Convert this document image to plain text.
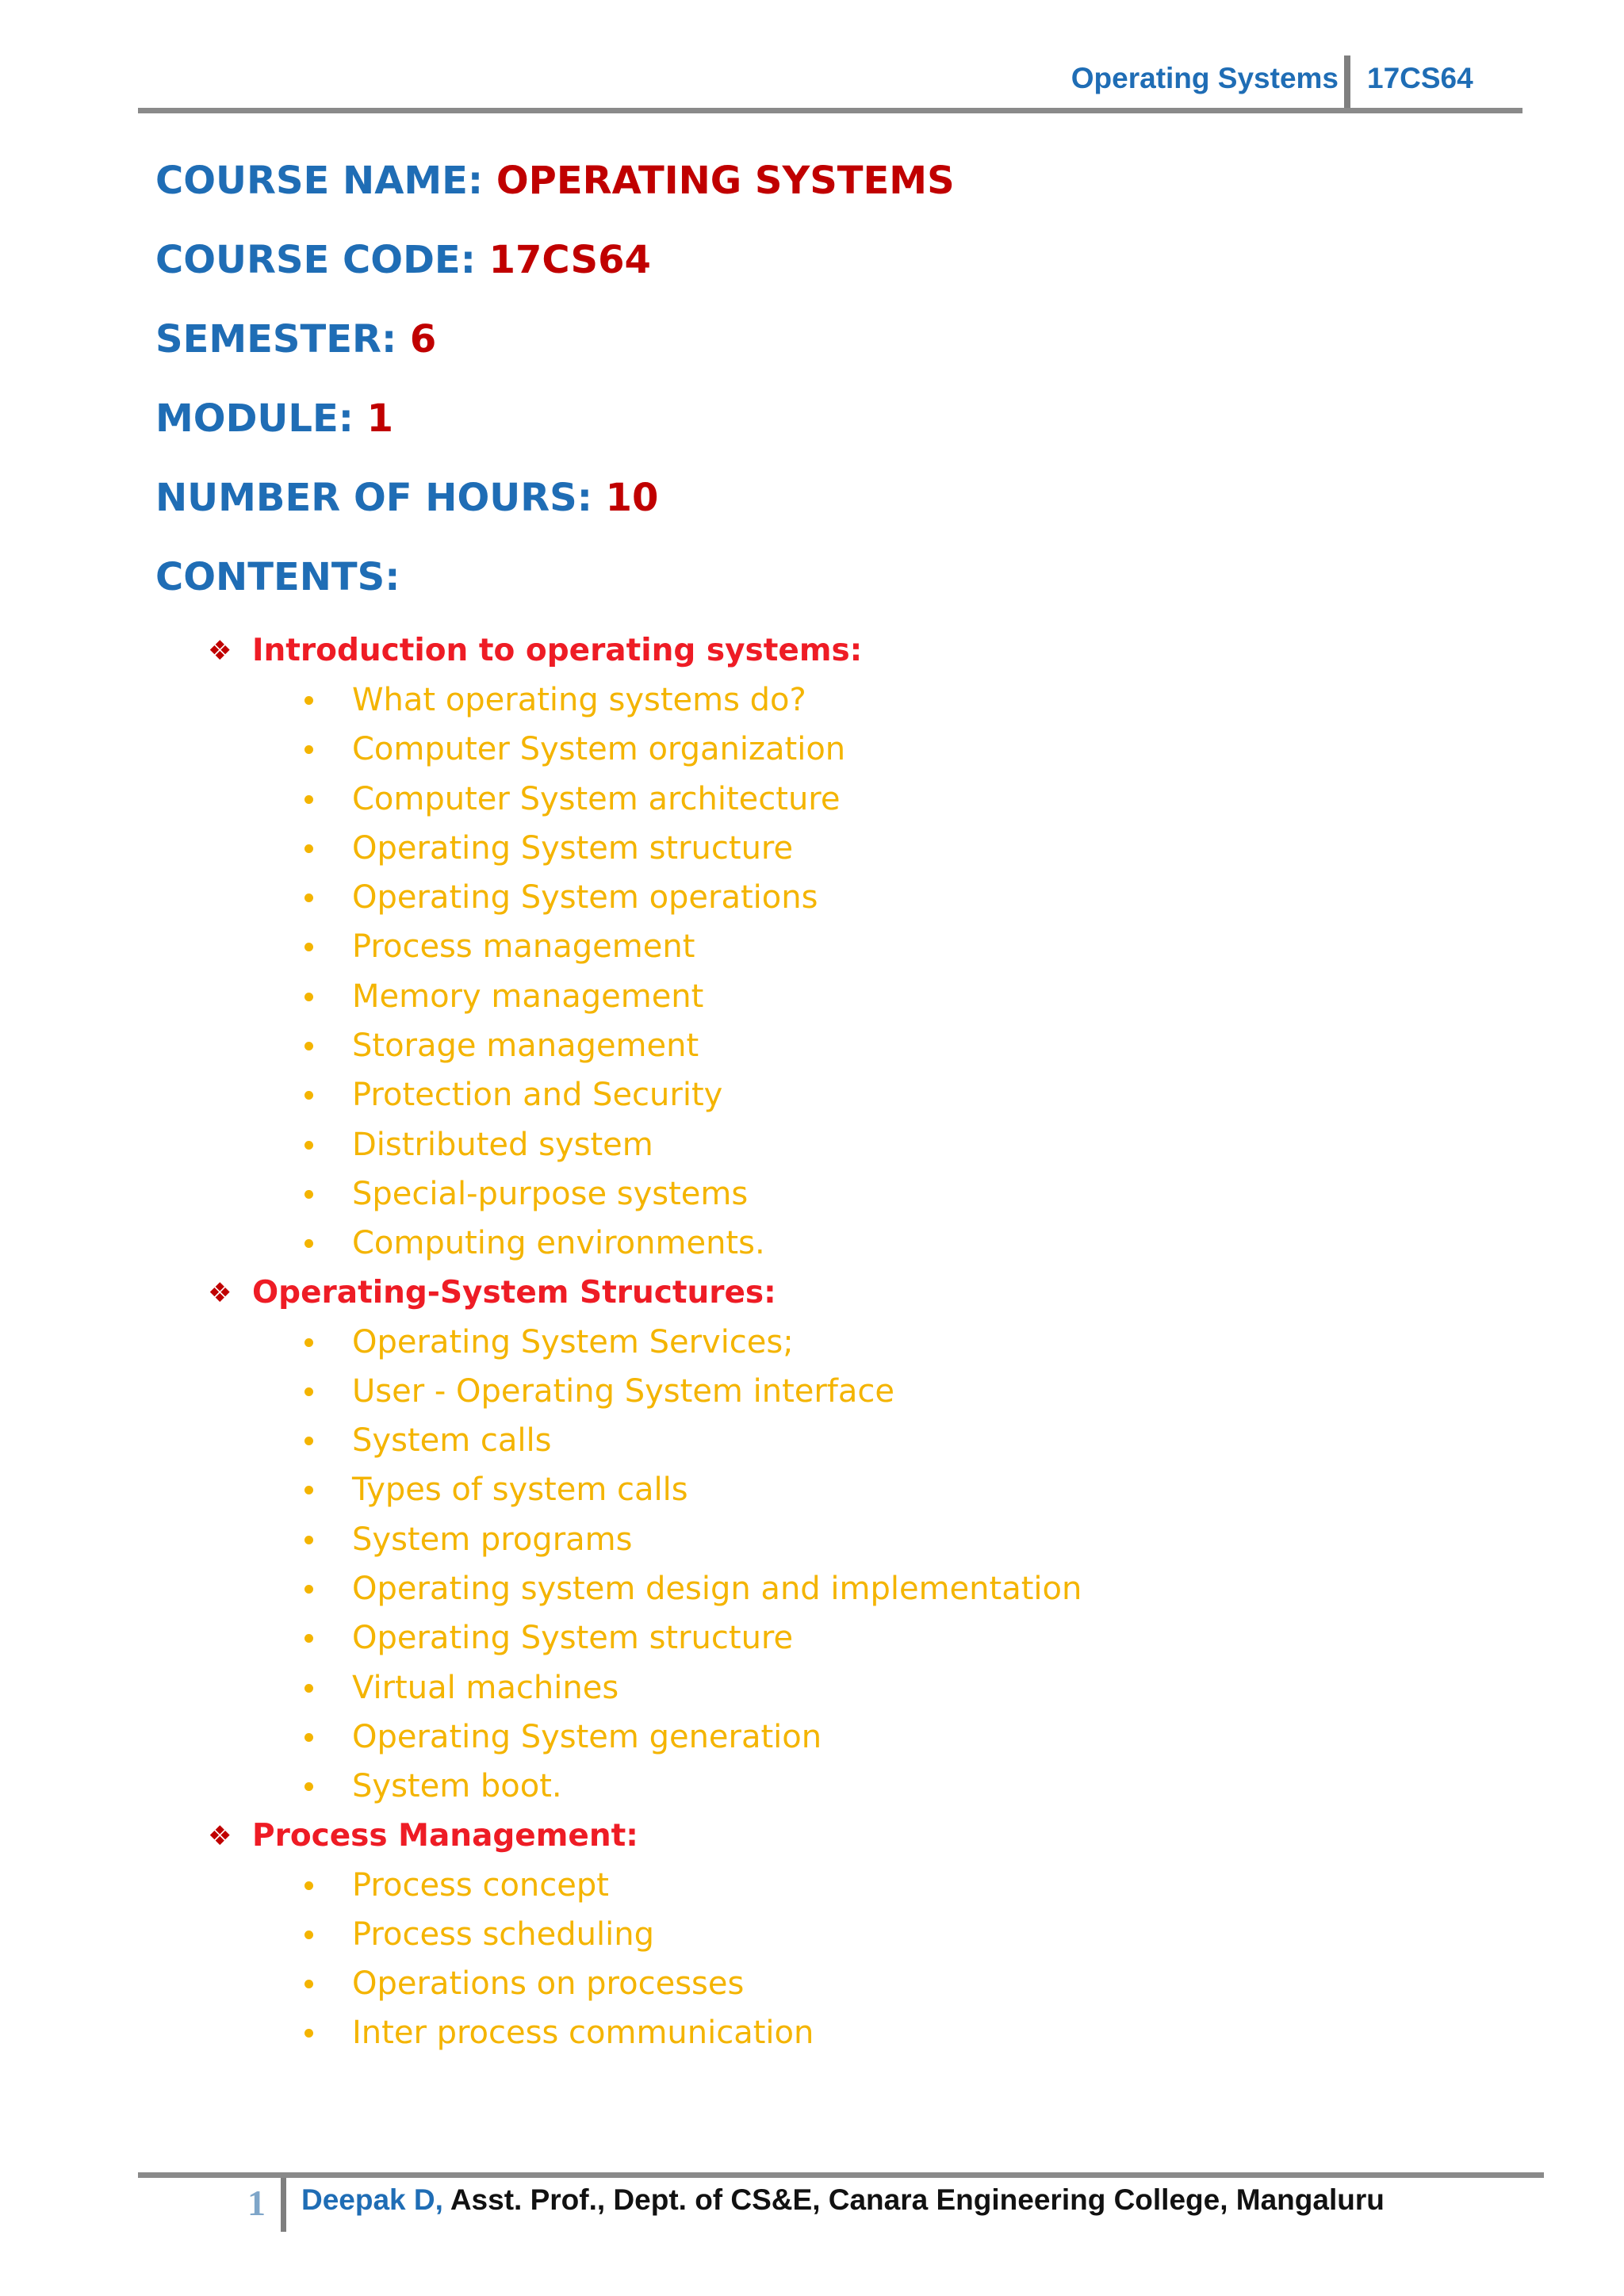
Operating Systems 17CS64
COURSE NAME: OPERATING SYSTEMS
COURSE CODE: 17CS64
SEMESTER: 6
MODULE: 1
NUMBER OF HOURS: 10
CONTENTS:
❖ Introduction to operating systems:
What operating systems do?
Computer System organization
Computer System architecture
Operating System structure
Operating System operations
Process management
Memory management
Storage management
Protection and Security
Distributed system
Special-purpose systems
Computing environments.
❖ Operating-System Structures:
Operating System Services;
User - Operating System interface
System calls
Types of system calls
System programs
Operating system design and implementation
Operating System structure
Virtual machines
Operating System generation
System boot.
❖ Process Management:
Process concept
Process scheduling
Operations on processes
Inter process communication
1 Deepak D, Asst. Prof., Dept. of CS&E, Canara Engineering College, Mangaluru
